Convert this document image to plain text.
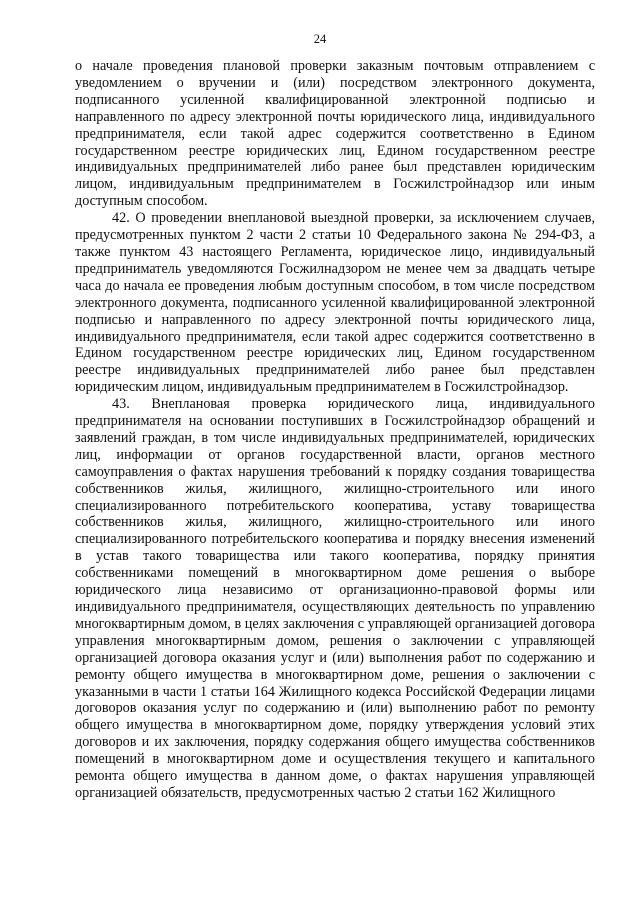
24

о начале проведения плановой проверки заказным почтовым отправлением с уведомлением о вручении и (или) посредством электронного документа, подписанного усиленной квалифицированной электронной подписью и направленного по адресу электронной почты юридического лица, индивидуального предпринимателя, если такой адрес содержится соответственно в Едином государственном реестре юридических лиц, Едином государственном реестре индивидуальных предпринимателей либо ранее был представлен юридическим лицом, индивидуальным предпринимателем в Госжилстройнадзор или иным доступным способом.

42. О проведении внеплановой выездной проверки, за исключением случаев, предусмотренных пунктом 2 части 2 статьи 10 Федерального закона № 294-ФЗ, а также пунктом 43 настоящего Регламента, юридическое лицо, индивидуальный предприниматель уведомляются Госжилнадзором не менее чем за двадцать четыре часа до начала ее проведения любым доступным способом, в том числе посредством электронного документа, подписанного усиленной квалифицированной электронной подписью и направленного по адресу электронной почты юридического лица, индивидуального предпринимателя, если такой адрес содержится соответственно в Едином государственном реестре юридических лиц, Едином государственном реестре индивидуальных предпринимателей либо ранее был представлен юридическим лицом, индивидуальным предпринимателем в Госжилстройнадзор.

43. Внеплановая проверка юридического лица, индивидуального предпринимателя на основании поступивших в Госжилстройнадзор обращений и заявлений граждан, в том числе индивидуальных предпринимателей, юридических лиц, информации от органов государственной власти, органов местного самоуправления о фактах нарушения требований к порядку создания товарищества собственников жилья, жилищного, жилищно-строительного или иного специализированного потребительского кооператива, уставу товарищества собственников жилья, жилищного, жилищно-строительного или иного специализированного потребительского кооператива и порядку внесения изменений в устав такого товарищества или такого кооператива, порядку принятия собственниками помещений в многоквартирном доме решения о выборе юридического лица независимо от организационно-правовой формы или индивидуального предпринимателя, осуществляющих деятельность по управлению многоквартирным домом, в целях заключения с управляющей организацией договора управления многоквартирным домом, решения о заключении с управляющей организацией договора оказания услуг и (или) выполнения работ по содержанию и ремонту общего имущества в многоквартирном доме, решения о заключении с указанными в части 1 статьи 164 Жилищного кодекса Российской Федерации лицами договоров оказания услуг по содержанию и (или) выполнению работ по ремонту общего имущества в многоквартирном доме, порядку утверждения условий этих договоров и их заключения, порядку содержания общего имущества собственников помещений в многоквартирном доме и осуществления текущего и капитального ремонта общего имущества в данном доме, о фактах нарушения управляющей организацией обязательств, предусмотренных частью 2 статьи 162 Жилищного
